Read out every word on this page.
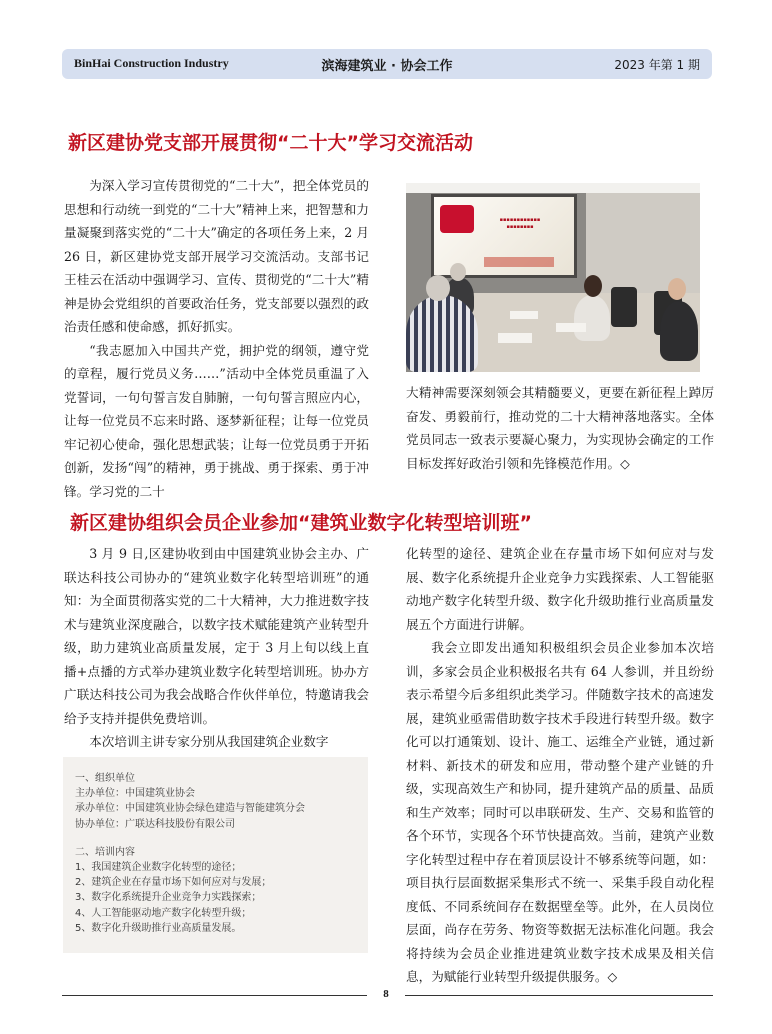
BinHai Construction Industry	滨海建筑业 · 协会工作	2023 年第 1 期
新区建协党支部开展贯彻“二十大”学习交流活动

为深入学习宣传贯彻党的“二十大”，把全体党员的思想和行动统一到党的“二十大”精神上来，把智慧和力量凝聚到落实党的“二十大”确定的各项任务上来，2 月 26 日，新区建协党支部开展学习交流活动。支部书记王桂云在活动中强调学习、宣传、贯彻党的“二十大”精神是协会党组织的首要政治任务，党支部要以强烈的政治责任感和使命感，抓好抓实。

“我志愿加入中国共产党，拥护党的纲领，遵守党的章程，履行党员义务……”活动中全体党员重温了入党誓词，一句句誓言发自肺腑，一句句誓言照应内心，让每一位党员不忘来时路、逐梦新征程；让每一位党员牢记初心使命，强化思想武装；让每一位党员勇于开拓创新，发扬“闯”的精神，勇于挑战、勇于探索、勇于冲锋。学习党的二十

▪▪▪▪▪▪▪▪▪▪▪▪
▪▪▪▪▪▪▪▪

大精神需要深刻领会其精髓要义，更要在新征程上踔厉奋发、勇毅前行，推动党的二十大精神落地落实。全体党员同志一致表示要凝心聚力，为实现协会确定的工作目标发挥好政治引领和先锋模范作用。◇

新区建协组织会员企业参加“建筑业数字化转型培训班”

3 月 9 日,区建协收到由中国建筑业协会主办、广联达科技公司协办的“建筑业数字化转型培训班”的通知：为全面贯彻落实党的二十大精神，大力推进数字技术与建筑业深度融合，以数字技术赋能建筑产业转型升级，助力建筑业高质量发展，定于 3 月上旬以线上直播+点播的方式举办建筑业数字化转型培训班。协办方广联达科技公司为我会战略合作伙伴单位，特邀请我会给予支持并提供免费培训。

本次培训主讲专家分别从我国建筑企业数字

一、组织单位
主办单位：中国建筑业协会
承办单位：中国建筑业协会绿色建造与智能建筑分会
协办单位：广联达科技股份有限公司
二、培训内容
1、我国建筑企业数字化转型的途径；
2、建筑企业在存量市场下如何应对与发展；
3、数字化系统提升企业竞争力实践探索；
4、人工智能驱动地产数字化转型升级；
5、数字化升级助推行业高质量发展。

化转型的途径、建筑企业在存量市场下如何应对与发展、数字化系统提升企业竞争力实践探索、人工智能驱动地产数字化转型升级、数字化升级助推行业高质量发展五个方面进行讲解。

我会立即发出通知积极组织会员企业参加本次培训，多家会员企业积极报名共有 64 人参训，并且纷纷表示希望今后多组织此类学习。伴随数字技术的高速发展，建筑业亟需借助数字技术手段进行转型升级。数字化可以打通策划、设计、施工、运维全产业链，通过新材料、新技术的研发和应用，带动整个建产业链的升级，实现高效生产和协同，提升建筑产品的质量、品质和生产效率；同时可以串联研发、生产、交易和监管的各个环节，实现各个环节快捷高效。当前，建筑产业数字化转型过程中存在着顶层设计不够系统等问题，如：项目执行层面数据采集形式不统一、采集手段自动化程度低、不同系统间存在数据壁垒等。此外，在人员岗位层面，尚存在劳务、物资等数据无法标准化问题。我会将持续为会员企业推进建筑业数字技术成果及相关信息，为赋能行业转型升级提供服务。◇

8
